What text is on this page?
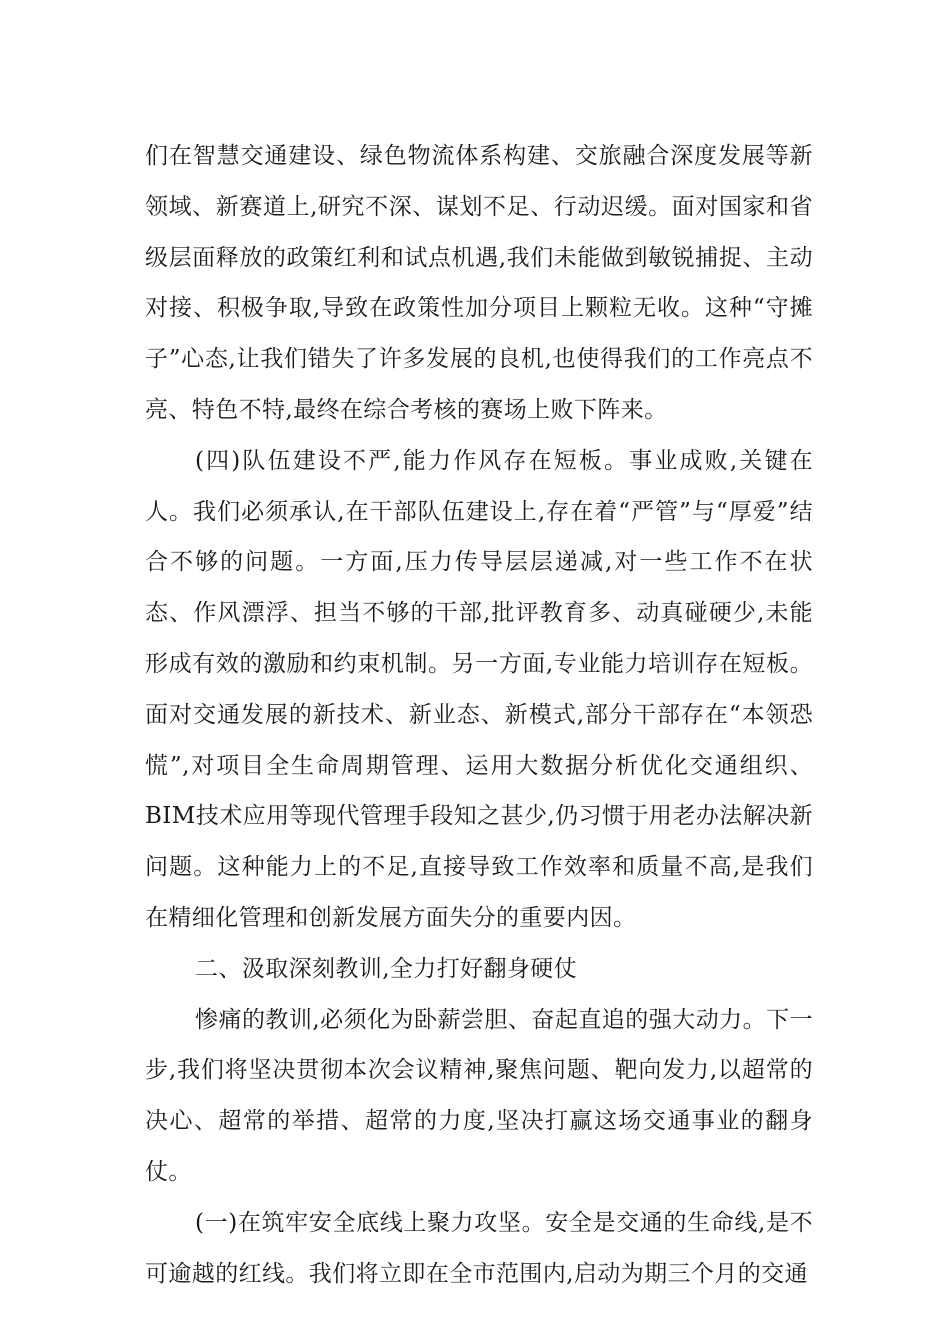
们在智慧交通建设、绿色物流体系构建、交旅融合深度发展等新领域、新赛道上,研究不深、谋划不足、行动迟缓。面对国家和省级层面释放的政策红利和试点机遇,我们未能做到敏锐捕捉、主动对接、积极争取,导致在政策性加分项目上颗粒无收。这种“守摊子”心态,让我们错失了许多发展的良机,也使得我们的工作亮点不亮、特色不特,最终在综合考核的赛场上败下阵来。

(四)队伍建设不严,能力作风存在短板。事业成败,关键在人。我们必须承认,在干部队伍建设上,存在着“严管”与“厚爱”结合不够的问题。一方面,压力传导层层递减,对一些工作不在状态、作风漂浮、担当不够的干部,批评教育多、动真碰硬少,未能形成有效的激励和约束机制。另一方面,专业能力培训存在短板。面对交通发展的新技术、新业态、新模式,部分干部存在“本领恐慌”,对项目全生命周期管理、运用大数据分析优化交通组织、BIM技术应用等现代管理手段知之甚少,仍习惯于用老办法解决新问题。这种能力上的不足,直接导致工作效率和质量不高,是我们在精细化管理和创新发展方面失分的重要内因。

二、汲取深刻教训,全力打好翻身硬仗

惨痛的教训,必须化为卧薪尝胆、奋起直追的强大动力。下一步,我们将坚决贯彻本次会议精神,聚焦问题、靶向发力,以超常的决心、超常的举措、超常的力度,坚决打赢这场交通事业的翻身仗。

(一)在筑牢安全底线上聚力攻坚。安全是交通的生命线,是不可逾越的红线。我们将立即在全市范围内,启动为期三个月的交通
